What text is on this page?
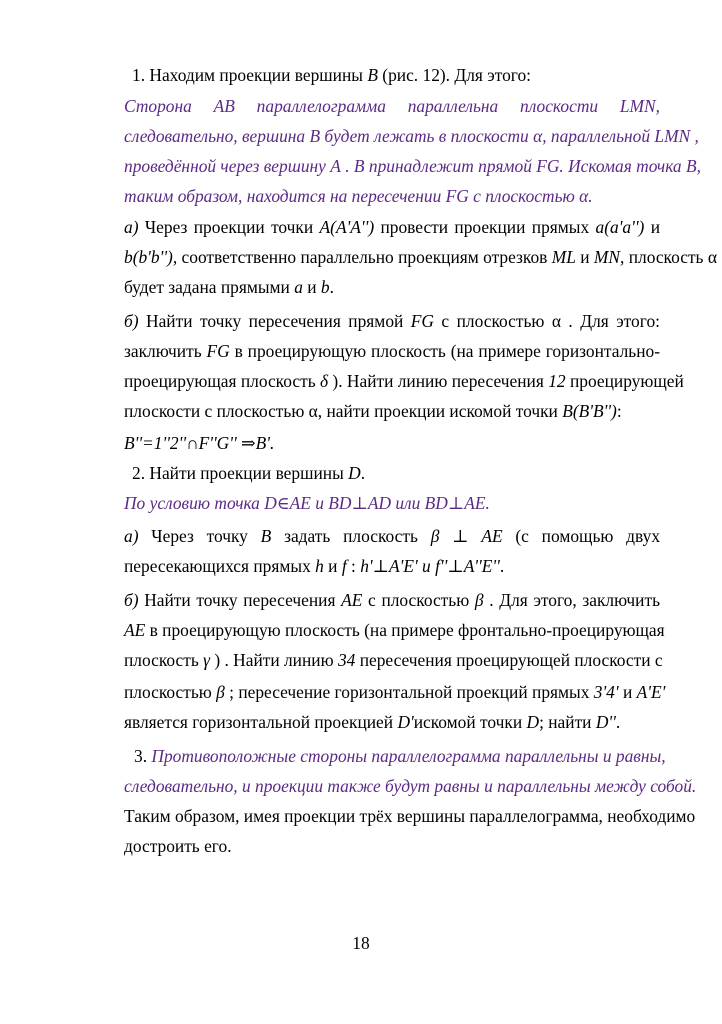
1. Находим проекции вершины B (рис. 12). Для этого:
Сторона АВ параллелограмма параллельна плоскости LMN,
следовательно, вершина В будет лежать в плоскости α, параллельной LMN ,
проведённой через вершину А . В принадлежит прямой FG. Искомая точка В,
таким образом, находится на пересечении FG с плоскостью α.
а) Через проекции точки A(A'A'') провести проекции прямых a(a'a'') и
b(b'b''), соответственно параллельно проекциям отрезков ML и MN, плоскость α
будет задана прямыми a и b.
б) Найти точку пересечения прямой FG с плоскостью α . Для этого:
заключить FG в проецирующую плоскость (на примере горизонтально-
проецирующая плоскость δ ). Найти линию пересечения 12 проецирующей
плоскости с плоскостью α, найти проекции искомой точки B(B'B''):
B''=1''2''∩F''G'' ⇒B'.
2. Найти проекции вершины D.
По условию точка D∈AE и BD⊥AD или BD⊥AE.
а) Через точку B задать плоскость β ⊥ AE (с помощью двух
пересекающихся прямых h и f : h'⊥A'E' и f''⊥A''E''.
б) Найти точку пересечения AE с плоскостью β . Для этого, заключить
AE в проецирующую плоскость (на примере фронтально-проецирующая
плоскость γ ) . Найти линию 34 пересечения проецирующей плоскости с
плоскостью β ; пересечение горизонтальной проекций прямых 3'4' и A'E'
является горизонтальной проекцией D'искомой точки D; найти D''.
3. Противоположные стороны параллелограмма параллельны и равны,
следовательно, и проекции также будут равны и параллельны между собой.
Таким образом, имея проекции трёх вершины параллелограмма, необходимо
достроить его.
18
